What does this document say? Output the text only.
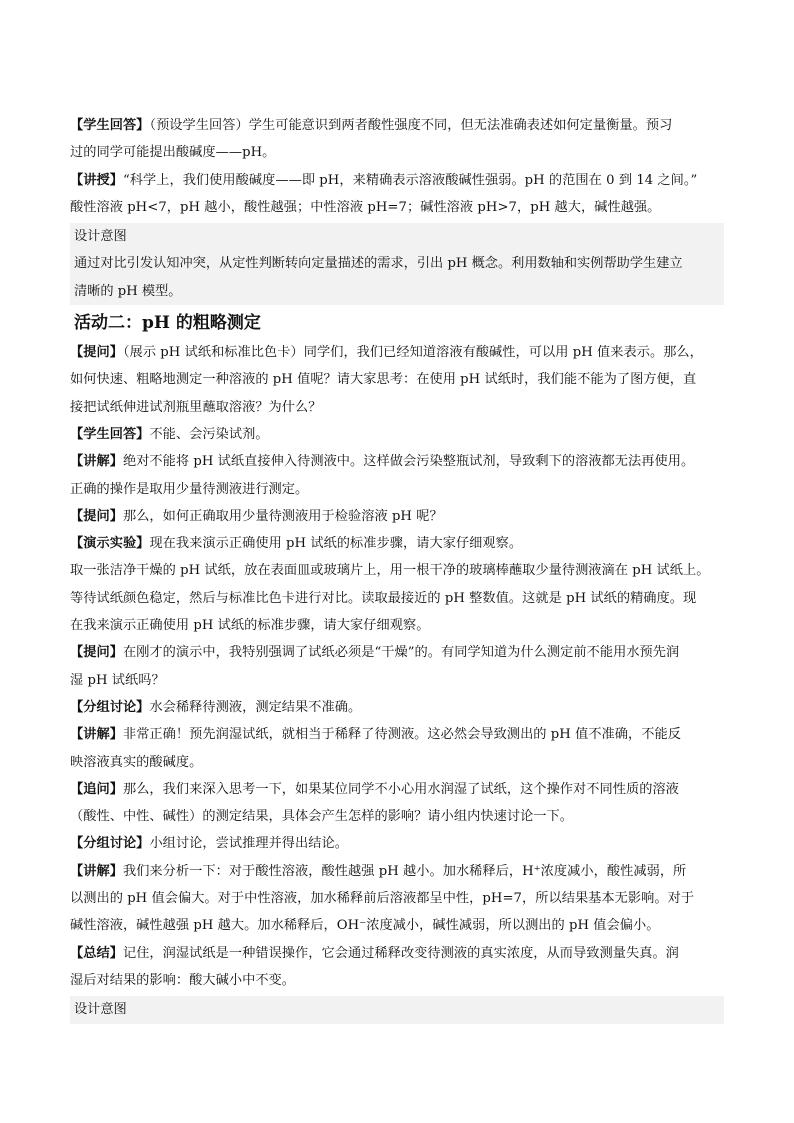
【学生回答】（预设学生回答）学生可能意识到两者酸性强度不同，但无法准确表述如何定量衡量。预习
过的同学可能提出酸碱度——pH。

【讲授】“科学上，我们使用酸碱度——即 pH，来精确表示溶液酸碱性强弱。pH 的范围在 0 到 14 之间。”
酸性溶液 pH<7，pH 越小，酸性越强；中性溶液 pH=7；碱性溶液 pH>7，pH 越大，碱性越强。

设计意图

通过对比引发认知冲突，从定性判断转向定量描述的需求，引出 pH 概念。利用数轴和实例帮助学生建立
清晰的 pH 模型。

活动二：pH 的粗略测定

【提问】（展示 pH 试纸和标准比色卡）同学们，我们已经知道溶液有酸碱性，可以用 pH 值来表示。那么，
如何快速、粗略地测定一种溶液的 pH 值呢？请大家思考：在使用 pH 试纸时，我们能不能为了图方便，直
接把试纸伸进试剂瓶里蘸取溶液？为什么？

【学生回答】不能、会污染试剂。

【讲解】绝对不能将 pH 试纸直接伸入待测液中。这样做会污染整瓶试剂，导致剩下的溶液都无法再使用。
正确的操作是取用少量待测液进行测定。

【提问】那么，如何正确取用少量待测液用于检验溶液 pH 呢？

【演示实验】现在我来演示正确使用 pH 试纸的标准步骤，请大家仔细观察。

取一张洁净干燥的 pH 试纸，放在表面皿或玻璃片上，用一根干净的玻璃棒蘸取少量待测液滴在 pH 试纸上。
等待试纸颜色稳定，然后与标准比色卡进行对比。读取最接近的 pH 整数值。这就是 pH 试纸的精确度。现
在我来演示正确使用 pH 试纸的标准步骤，请大家仔细观察。

【提问】在刚才的演示中，我特别强调了试纸必须是“干燥”的。有同学知道为什么测定前不能用水预先润
湿 pH 试纸吗？

【分组讨论】水会稀释待测液，测定结果不准确。

【讲解】非常正确！预先润湿试纸，就相当于稀释了待测液。这必然会导致测出的 pH 值不准确，不能反
映溶液真实的酸碱度。

【追问】那么，我们来深入思考一下，如果某位同学不小心用水润湿了试纸，这个操作对不同性质的溶液
（酸性、中性、碱性）的测定结果，具体会产生怎样的影响？请小组内快速讨论一下。

【分组讨论】小组讨论，尝试推理并得出结论。

【讲解】我们来分析一下：对于酸性溶液，酸性越强 pH 越小。加水稀释后，H⁺浓度减小，酸性减弱，所
以测出的 pH 值会偏大。对于中性溶液，加水稀释前后溶液都呈中性，pH=7，所以结果基本无影响。对于
碱性溶液，碱性越强 pH 越大。加水稀释后，OH⁻浓度减小，碱性减弱，所以测出的 pH 值会偏小。

【总结】记住，润湿试纸是一种错误操作，它会通过稀释改变待测液的真实浓度，从而导致测量失真。润
湿后对结果的影响：酸大碱小中不变。

设计意图
